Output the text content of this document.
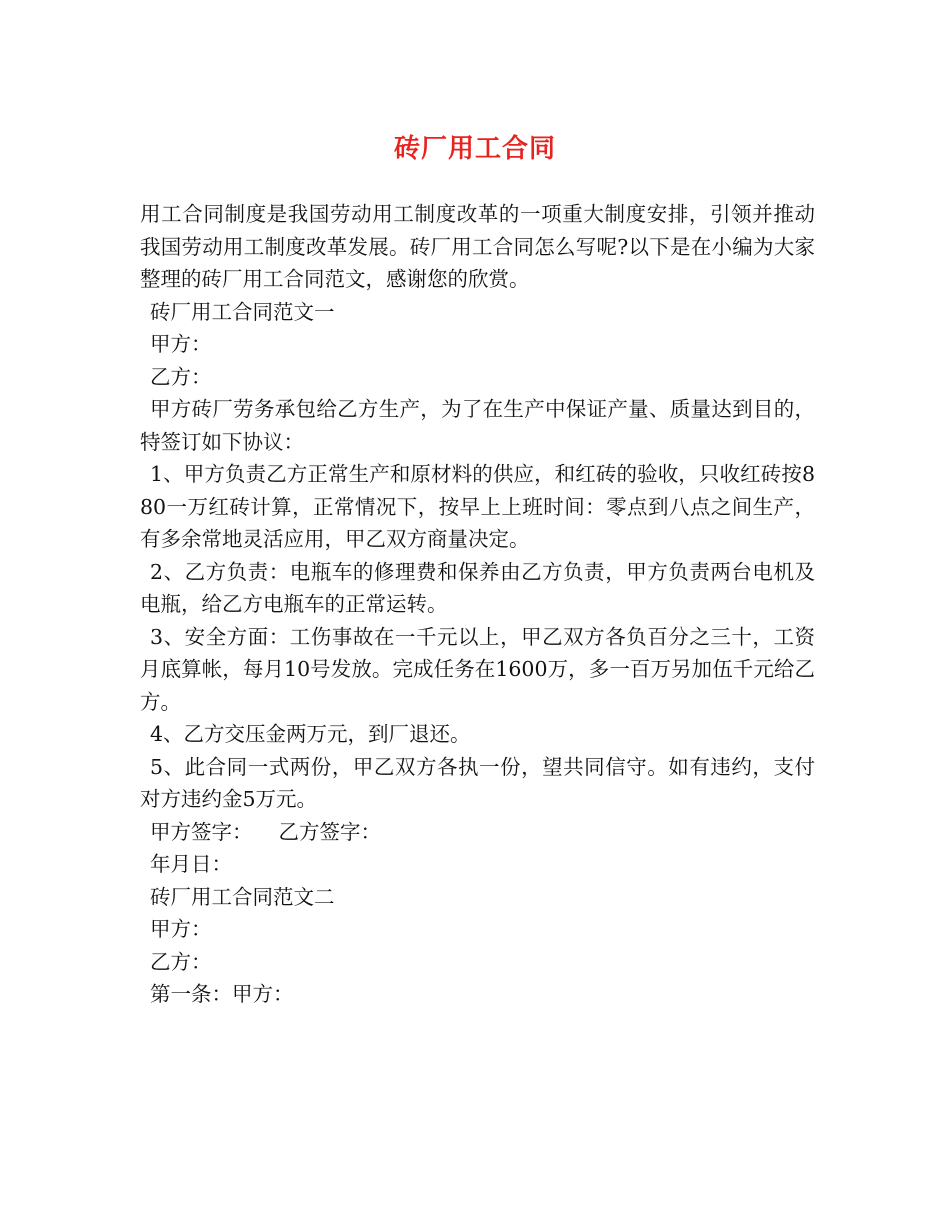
砖厂用工合同

用工合同制度是我国劳动用工制度改革的一项重大制度安排，引领并推动我国劳动用工制度改革发展。砖厂用工合同怎么写呢?以下是在小编为大家整理的砖厂用工合同范文，感谢您的欣赏。

砖厂用工合同范文一

甲方：

乙方：

甲方砖厂劳务承包给乙方生产，为了在生产中保证产量、质量达到目的，特签订如下协议：

1、甲方负责乙方正常生产和原材料的供应，和红砖的验收，只收红砖按880一万红砖计算，正常情况下，按早上上班时间：零点到八点之间生产，有多余常地灵活应用，甲乙双方商量决定。

2、乙方负责：电瓶车的修理费和保养由乙方负责，甲方负责两台电机及电瓶，给乙方电瓶车的正常运转。

3、安全方面：工伤事故在一千元以上，甲乙双方各负百分之三十，工资月底算帐，每月10号发放。完成任务在1600万，多一百万另加伍千元给乙方。

4、乙方交压金两万元，到厂退还。

5、此合同一式两份，甲乙双方各执一份，望共同信守。如有违约，支付对方违约金5万元。

甲方签字： 乙方签字：

年月日：

砖厂用工合同范文二

甲方：

乙方：

第一条：甲方：
